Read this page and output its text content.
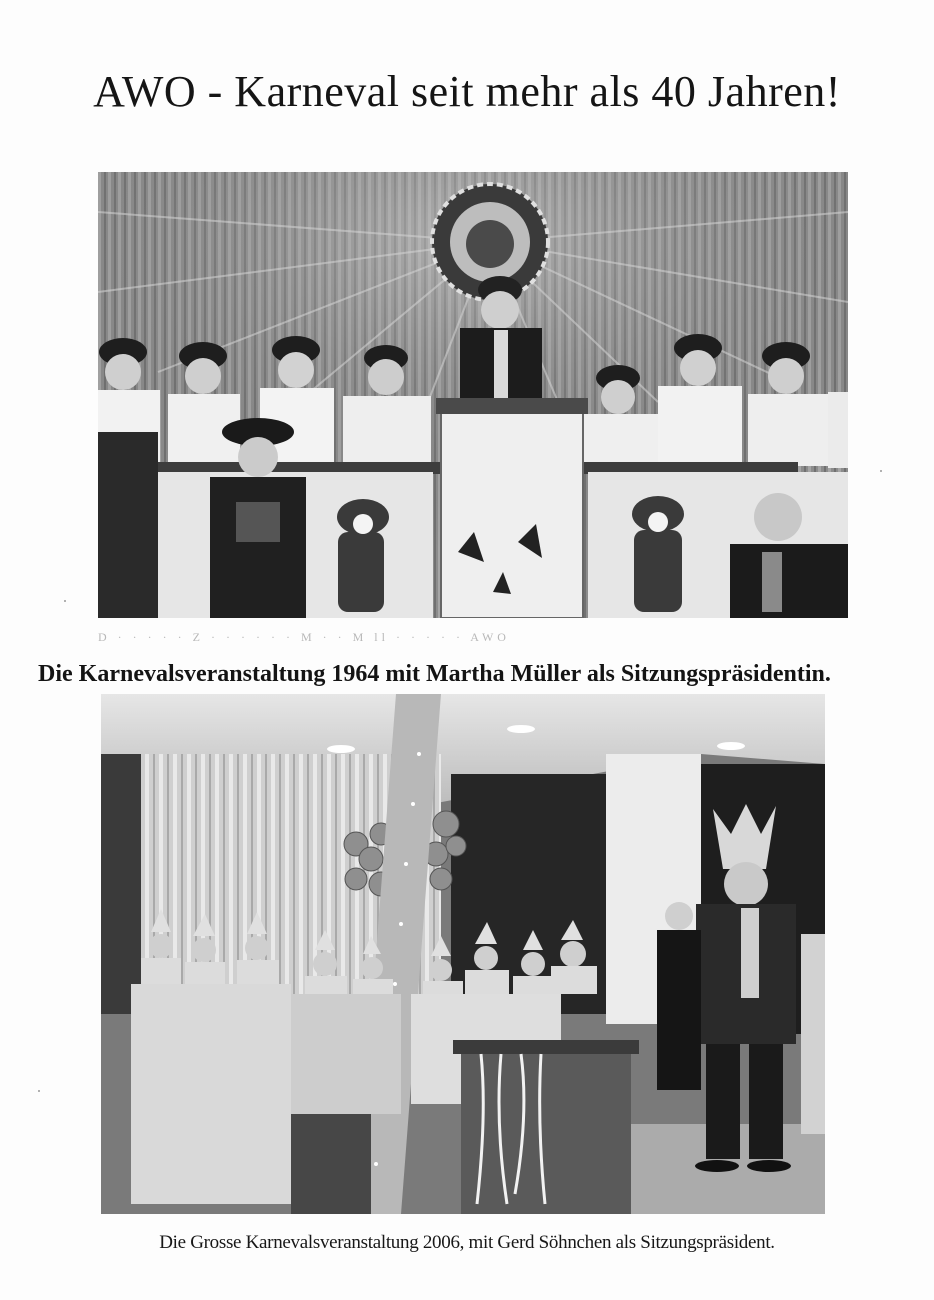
AWO - Karneval seit mehr als 40 Jahren!
D · · · · · Z · · · · · · M · · M ll · · · · · AWO
Die Karnevalsveranstaltung 1964 mit Martha Müller als Sitzungspräsidentin.
Die Grosse Karnevalsveranstaltung 2006, mit Gerd Söhnchen als Sitzungspräsident.
